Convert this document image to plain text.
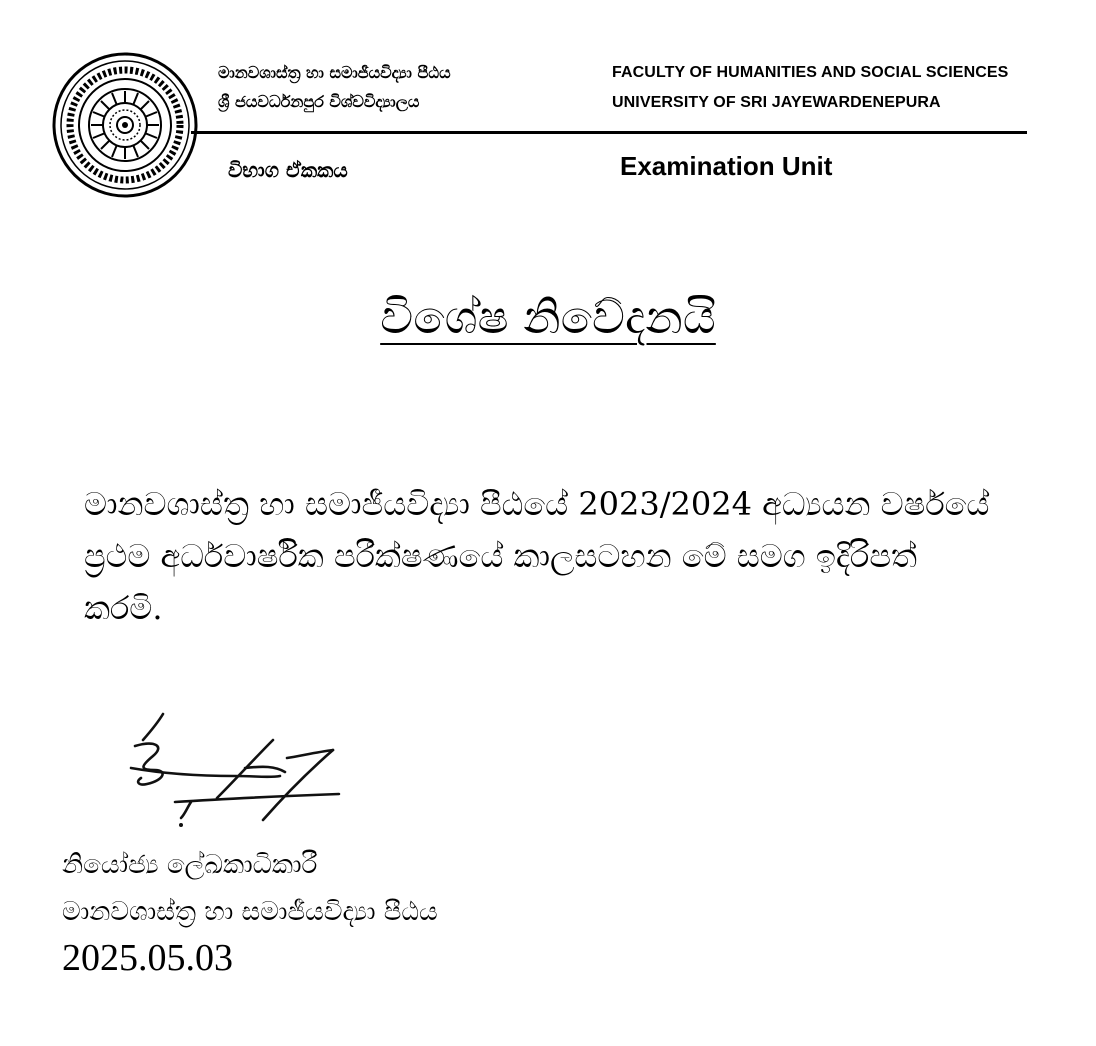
මානවශාස්ත්‍ර හා සමාජීයවිද්‍යා පීඨය
ශ්‍රී ජයවර්ධනපුර විශ්වවිද්‍යාලය
FACULTY OF HUMANITIES AND SOCIAL SCIENCES
UNIVERSITY OF SRI JAYEWARDENEPURA
විභාග ඒකකය	Examination Unit
විශේෂ නිවේදනයි
මානවශාස්ත්‍ර හා සමාජීයවිද්‍යා පීඨයේ 2023/2024 අධ්‍යයන වර්ෂයේ ප්‍රථම අර්ධවාර්ෂික පරීක්ෂණයේ කාලසටහන මේ සමග ඉදිරිපත් කරමි.
නියෝජ්‍ය ලේඛකාධිකාරී
මානවශාස්ත්‍ර හා සමාජීයවිද්‍යා පීඨය
2025.05.03
